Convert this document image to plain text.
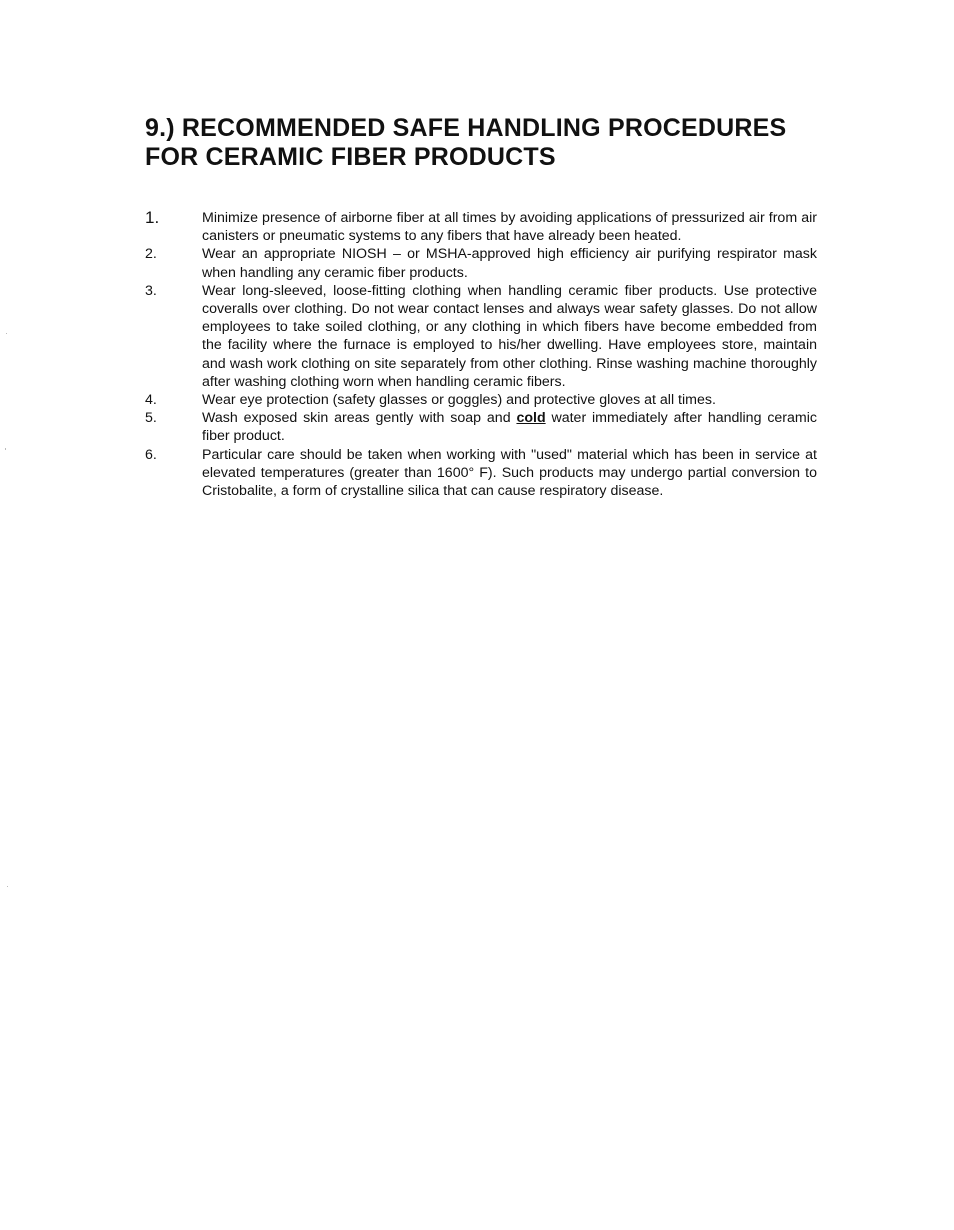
9.) RECOMMENDED SAFE HANDLING PROCEDURES
FOR CERAMIC FIBER PRODUCTS
1.	Minimize presence of airborne fiber at all times by avoiding applications of pressurized air from air canisters or pneumatic systems to any fibers that have already been heated.
2.	Wear an appropriate NIOSH – or MSHA-approved high efficiency air purifying respirator mask when handling any ceramic fiber products.
3.	Wear long-sleeved, loose-fitting clothing when handling ceramic fiber products. Use protective coveralls over clothing. Do not wear contact lenses and always wear safety glasses. Do not allow employees to take soiled clothing, or any clothing in which fibers have become embedded from the facility where the furnace is employed to his/her dwelling. Have employees store, maintain and wash work clothing on site separately from other clothing. Rinse washing machine thoroughly after washing clothing worn when handling ceramic fibers.
4.	Wear eye protection (safety glasses or goggles) and protective gloves at all times.
5.	Wash exposed skin areas gently with soap and cold water immediately after handling ceramic fiber product.
6.	Particular care should be taken when working with "used" material which has been in service at elevated temperatures (greater than 1600° F). Such products may undergo partial conversion to Cristobalite, a form of crystalline silica that can cause respiratory disease.
